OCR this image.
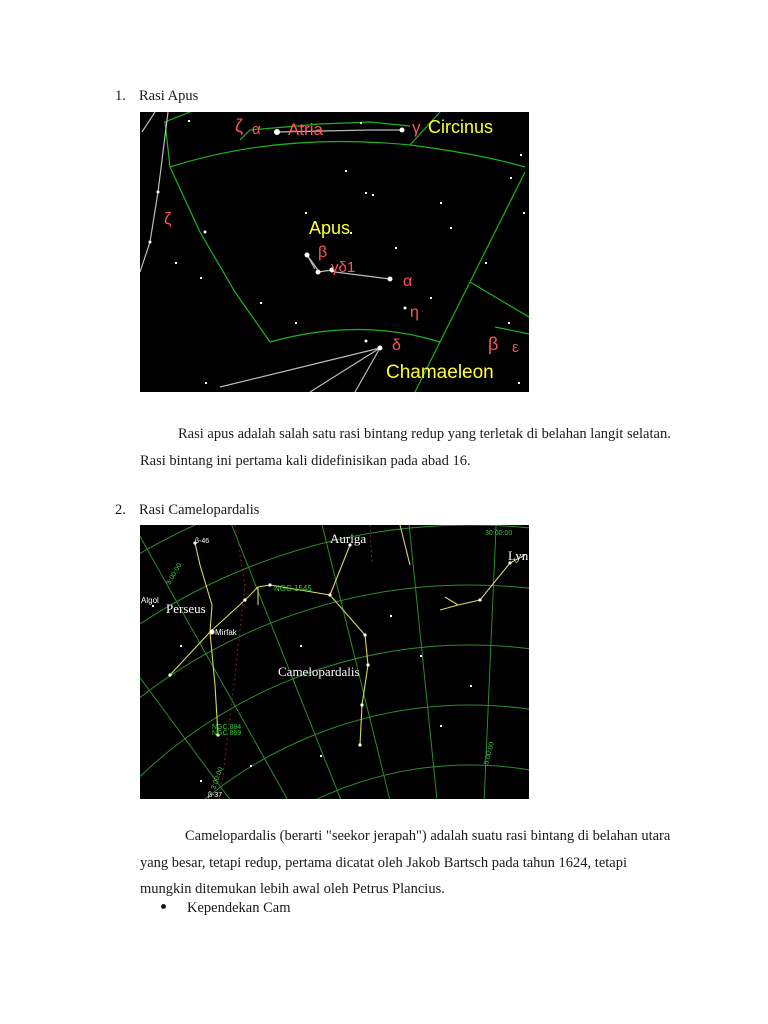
1. Rasi Apus
ζ α Atria	γ Circinus
ζ	Apus
β
γδ1
α
η
δ	β ε
Chamaeleon
Rasi apus adalah salah satu rasi bintang redup yang terletak di belahan langit selatan. Rasi bintang ini pertama kali didefinisikan pada abad 16.
2. Rasi Camelopardalis
Auriga
Lyn
Perseus
Camelopardalis
Algol
Mirfak
NGC 1545
NGC 884
NGC 869
30:00:00
5:00:00
β-46
β-37
5:00:00
3:00:00
Camelopardalis (berarti "seekor jerapah") adalah suatu rasi bintang di belahan utara yang besar, tetapi redup, pertama dicatat oleh Jakob Bartsch pada tahun 1624, tetapi mungkin ditemukan lebih awal oleh Petrus Plancius.
Kependekan Cam
